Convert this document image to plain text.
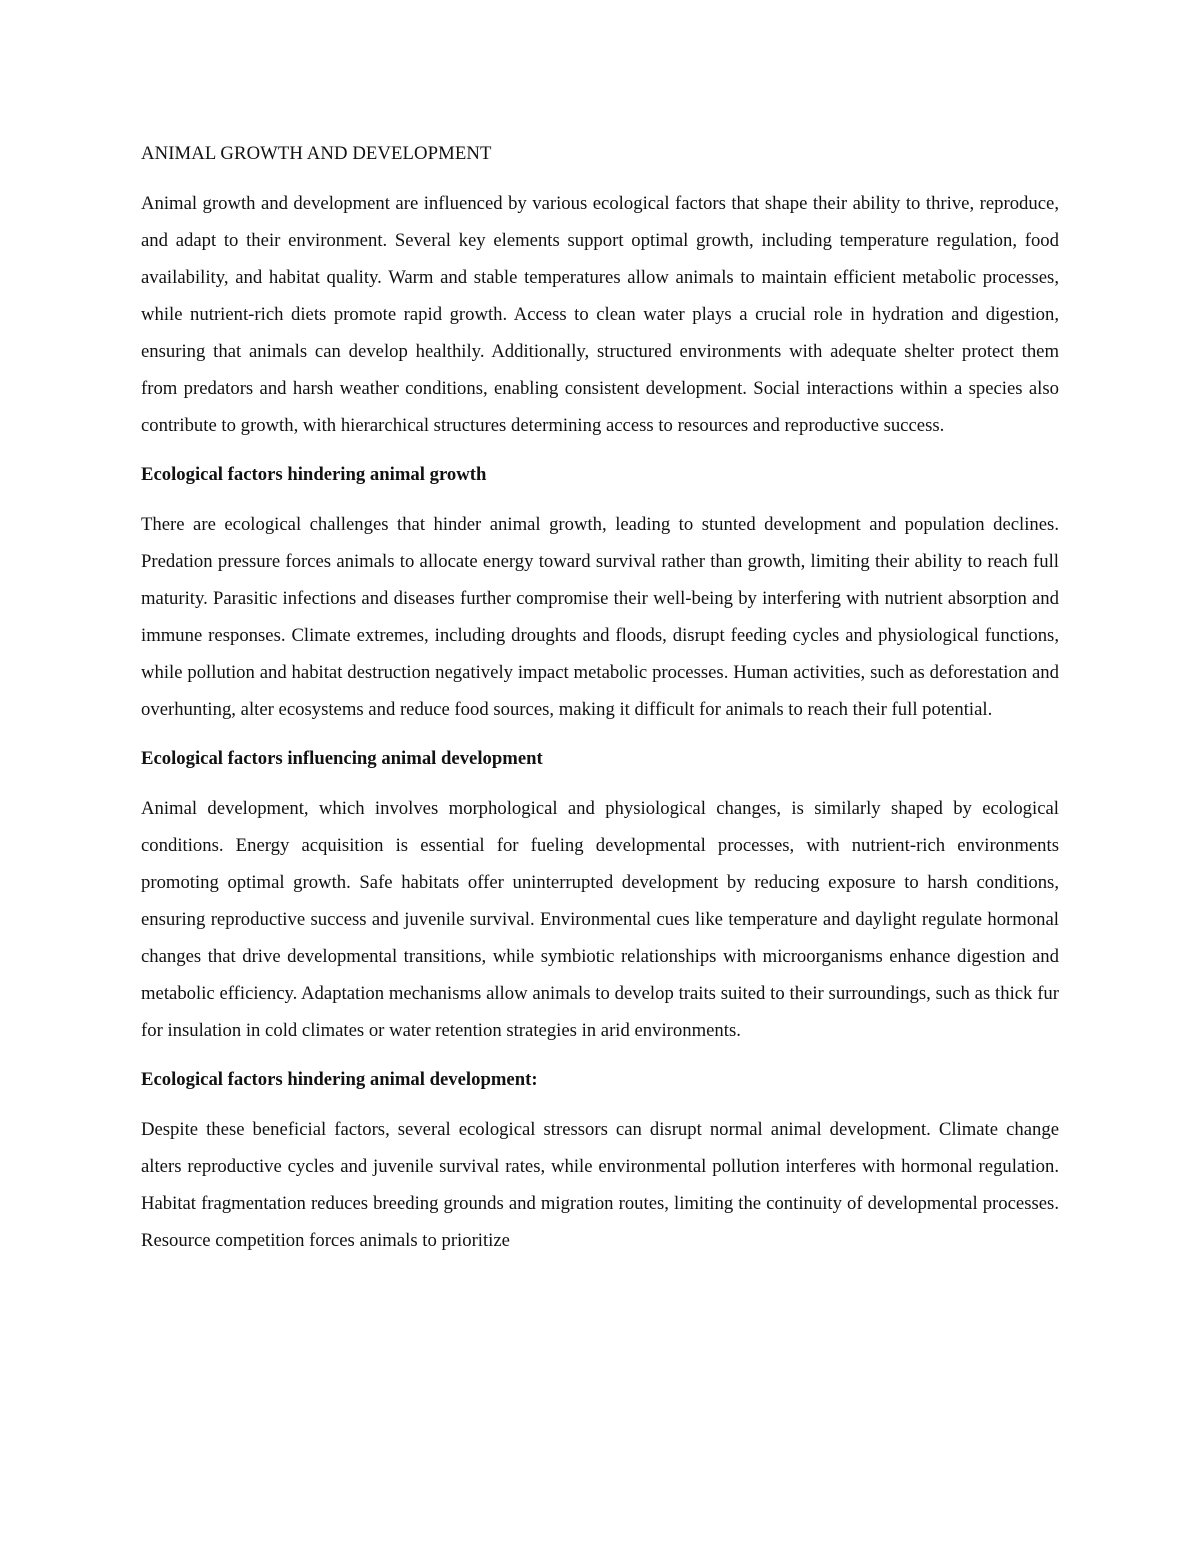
ANIMAL GROWTH AND DEVELOPMENT

Animal growth and development are influenced by various ecological factors that shape their ability to thrive, reproduce, and adapt to their environment. Several key elements support optimal growth, including temperature regulation, food availability, and habitat quality. Warm and stable temperatures allow animals to maintain efficient metabolic processes, while nutrient-rich diets promote rapid growth. Access to clean water plays a crucial role in hydration and digestion, ensuring that animals can develop healthily. Additionally, structured environments with adequate shelter protect them from predators and harsh weather conditions, enabling consistent development. Social interactions within a species also contribute to growth, with hierarchical structures determining access to resources and reproductive success.

Ecological factors hindering animal growth

There are ecological challenges that hinder animal growth, leading to stunted development and population declines. Predation pressure forces animals to allocate energy toward survival rather than growth, limiting their ability to reach full maturity. Parasitic infections and diseases further compromise their well-being by interfering with nutrient absorption and immune responses. Climate extremes, including droughts and floods, disrupt feeding cycles and physiological functions, while pollution and habitat destruction negatively impact metabolic processes. Human activities, such as deforestation and overhunting, alter ecosystems and reduce food sources, making it difficult for animals to reach their full potential.

Ecological factors influencing animal development

Animal development, which involves morphological and physiological changes, is similarly shaped by ecological conditions. Energy acquisition is essential for fueling developmental processes, with nutrient-rich environments promoting optimal growth. Safe habitats offer uninterrupted development by reducing exposure to harsh conditions, ensuring reproductive success and juvenile survival. Environmental cues like temperature and daylight regulate hormonal changes that drive developmental transitions, while symbiotic relationships with microorganisms enhance digestion and metabolic efficiency. Adaptation mechanisms allow animals to develop traits suited to their surroundings, such as thick fur for insulation in cold climates or water retention strategies in arid environments.

Ecological factors hindering animal development:

Despite these beneficial factors, several ecological stressors can disrupt normal animal development. Climate change alters reproductive cycles and juvenile survival rates, while environmental pollution interferes with hormonal regulation. Habitat fragmentation reduces breeding grounds and migration routes, limiting the continuity of developmental processes. Resource competition forces animals to prioritize
